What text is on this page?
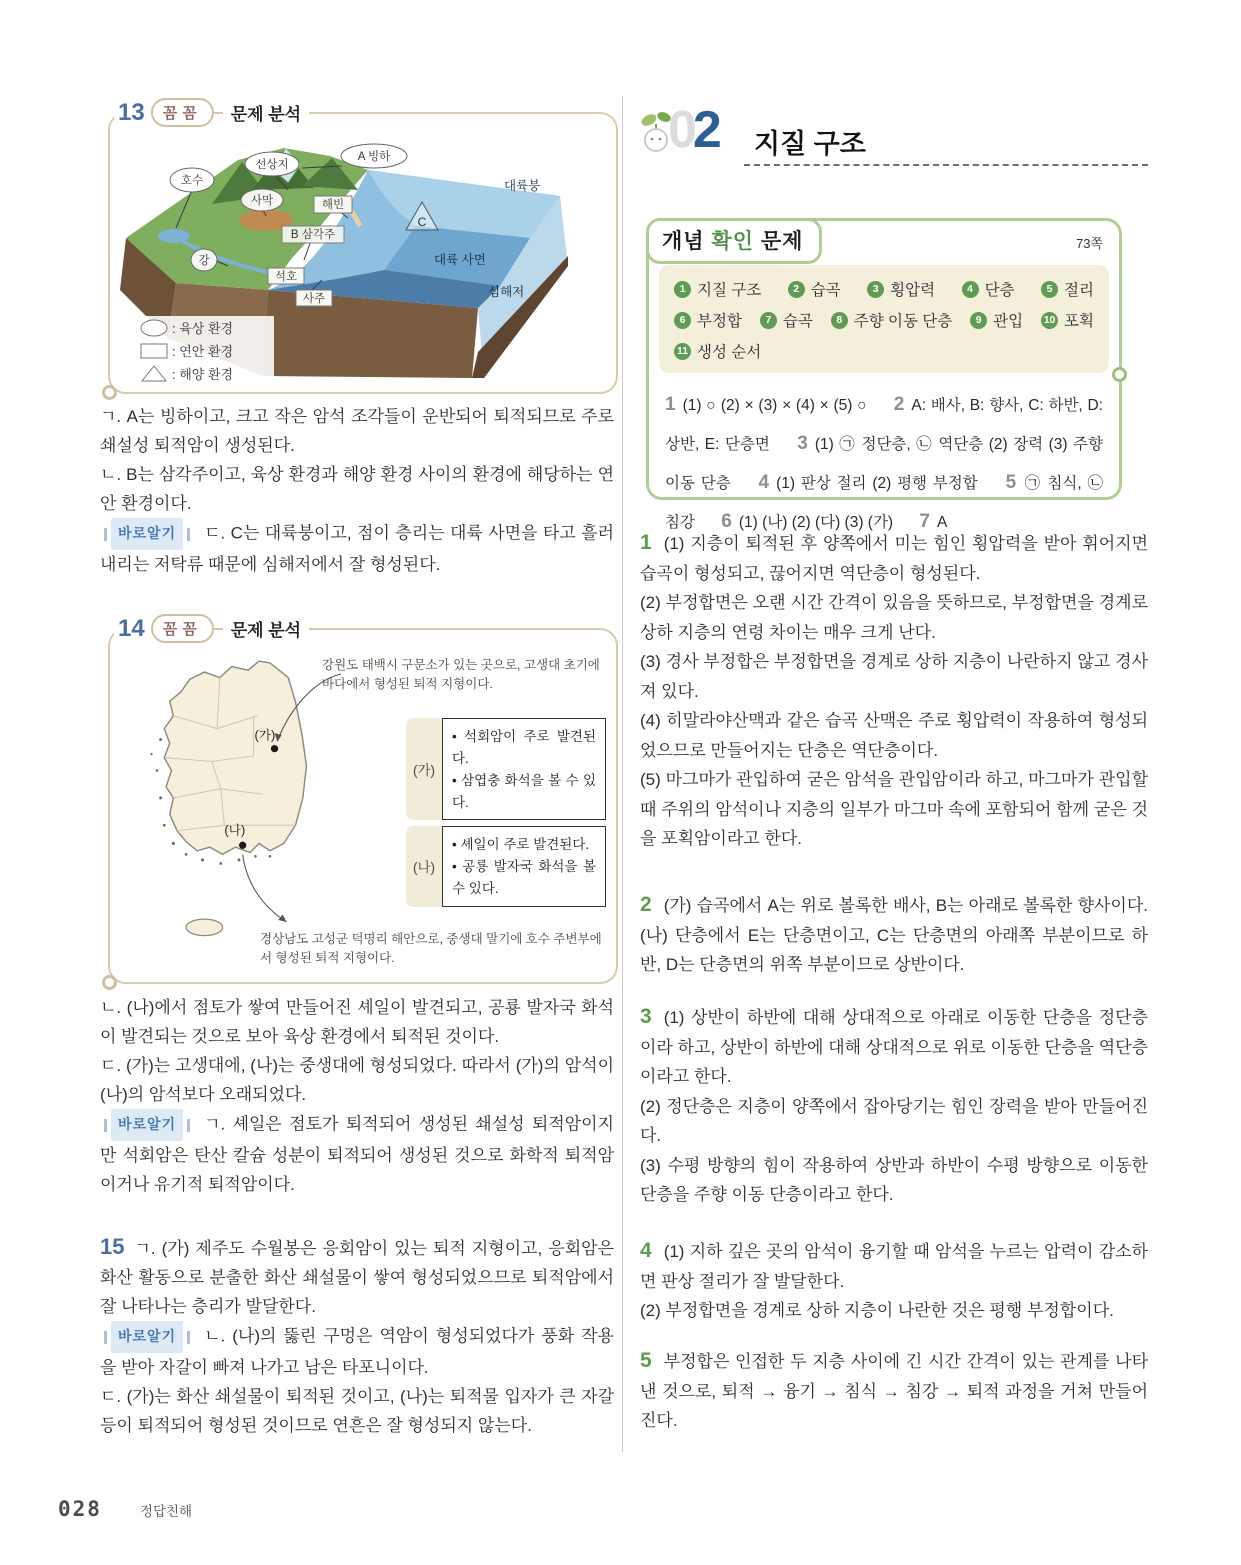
13	꼼꼼	문제 분석
호수
선상지
A 빙하
사막
강
해빈
B 삼각주
석호
사주
C
대륙붕
대륙 사면
심해저
: 육상 환경
: 연안 환경
: 해양 환경

ㄱ. A는 빙하이고, 크고 작은 암석 조각들이 운반되어 퇴적되므로 주로 쇄설성 퇴적암이 생성된다.

ㄴ. B는 삼각주이고, 육상 환경과 해양 환경 사이의 환경에 해당하는 연안 환경이다.

바로알기	ㄷ. C는 대륙붕이고, 점이 층리는 대륙 사면을 타고 흘러내리는 저탁류 때문에 심해저에서 잘 형성된다.

14	꼼꼼	문제 분석
강원도 태백시 구문소가 있는 곳으로, 고생대 초기에 바다에서 형성된 퇴적 지형이다.
경상남도 고성군 덕명리 해안으로, 중생대 말기에 호수 주변부에서 형성된 퇴적 지형이다.
(가)
(나)
(가)
• 석회암이 주로 발견된다.
• 삼엽충 화석을 볼 수 있다.
(나)
• 셰일이 주로 발견된다.
• 공룡 발자국 화석을 볼 수 있다.

ㄴ. (나)에서 점토가 쌓여 만들어진 셰일이 발견되고, 공룡 발자국 화석이 발견되는 것으로 보아 육상 환경에서 퇴적된 것이다.

ㄷ. (가)는 고생대에, (나)는 중생대에 형성되었다. 따라서 (가)의 암석이 (나)의 암석보다 오래되었다.

바로알기	ㄱ. 셰일은 점토가 퇴적되어 생성된 쇄설성 퇴적암이지만 석회암은 탄산 칼슘 성분이 퇴적되어 생성된 것으로 화학적 퇴적암이거나 유기적 퇴적암이다.

15 ㄱ. (가) 제주도 수월봉은 응회암이 있는 퇴적 지형이고, 응회암은 화산 활동으로 분출한 화산 쇄설물이 쌓여 형성되었으므로 퇴적암에서 잘 나타나는 층리가 발달한다.

바로알기	ㄴ. (나)의 뚫린 구멍은 역암이 형성되었다가 풍화 작용을 받아 자갈이 빠져 나가고 남은 타포니이다.

ㄷ. (가)는 화산 쇄설물이 퇴적된 것이고, (나)는 퇴적물 입자가 큰 자갈 등이 퇴적되어 형성된 것이므로 연흔은 잘 형성되지 않는다.

02 지질 구조
개념 확인 문제	73쪽
1 지질 구조	2 습곡	3 횡압력	4 단층	5 절리
6 부정합	7 습곡	8 주향 이동 단층	9 관입 10 포획
11 생성 순서
1 (1) ○ (2) × (3) × (4) × (5) ○ 2 A: 배사, B: 향사, C: 하반, D: 상반, E: 단층면 3 (1) ㉠ 정단층, ㉡ 역단층 (2) 장력 (3) 주향 이동 단층 4 (1) 판상 절리 (2) 평행 부정합 5 ㉠ 침식, ㉡ 침강 6 (1) (나) (2) (다) (3) (가) 7 A

1 (1) 지층이 퇴적된 후 양쪽에서 미는 힘인 횡압력을 받아 휘어지면 습곡이 형성되고, 끊어지면 역단층이 형성된다.

(2) 부정합면은 오랜 시간 간격이 있음을 뜻하므로, 부정합면을 경계로 상하 지층의 연령 차이는 매우 크게 난다.

(3) 경사 부정합은 부정합면을 경계로 상하 지층이 나란하지 않고 경사져 있다.

(4) 히말라야산맥과 같은 습곡 산맥은 주로 횡압력이 작용하여 형성되었으므로 만들어지는 단층은 역단층이다.

(5) 마그마가 관입하여 굳은 암석을 관입암이라 하고, 마그마가 관입할 때 주위의 암석이나 지층의 일부가 마그마 속에 포함되어 함께 굳은 것을 포획암이라고 한다.

2 (가) 습곡에서 A는 위로 볼록한 배사, B는 아래로 볼록한 향사이다. (나) 단층에서 E는 단층면이고, C는 단층면의 아래쪽 부분이므로 하반, D는 단층면의 위쪽 부분이므로 상반이다.

3 (1) 상반이 하반에 대해 상대적으로 아래로 이동한 단층을 정단층이라 하고, 상반이 하반에 대해 상대적으로 위로 이동한 단층을 역단층이라고 한다.

(2) 정단층은 지층이 양쪽에서 잡아당기는 힘인 장력을 받아 만들어진다.

(3) 수평 방향의 힘이 작용하여 상반과 하반이 수평 방향으로 이동한 단층을 주향 이동 단층이라고 한다.

4 (1) 지하 깊은 곳의 암석이 융기할 때 암석을 누르는 압력이 감소하면 판상 절리가 잘 발달한다.

(2) 부정합면을 경계로 상하 지층이 나란한 것은 평행 부정합이다.

5 부정합은 인접한 두 지층 사이에 긴 시간 간격이 있는 관계를 나타낸 것으로, 퇴적 → 융기 → 침식 → 침강 → 퇴적 과정을 거쳐 만들어진다.

028	정답친해
